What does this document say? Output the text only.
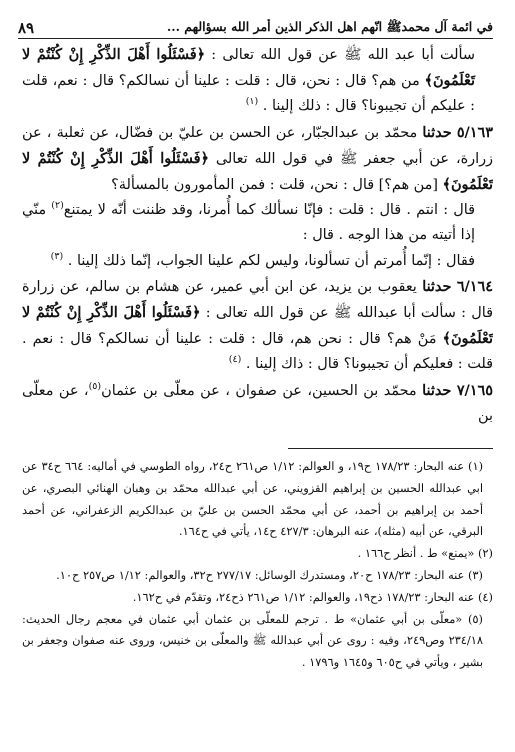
في ائمة آل محمدﷺ انّهم اهل الذكر الذين أمر الله بسؤالهم ...
٨٩

سألت أبا عبد الله ﷺ عن قول الله تعالى : ﴿فَسْئَلُوا أَهْلَ الذِّكْرِ إِنْ كُنْتُمْ لا تَعْلَمُونَ﴾ من هم؟ قال : نحن، قال : قلت : علينا أن نسالكم؟ قال : نعم، قلت : عليكم أن تجيبونا؟ قال : ذلك إلينا . $^{(١)}$

٥/١٦٣ حدثنا محمّد بن عبدالجبّار، عن الحسن بن عليّ بن فضّال، عن ثعلبة ، عن زرارة، عن أبي جعفر ﷺ في قول الله تعالى ﴿فَسْئَلُوا أَهْلَ الذِّكْرِ إِنْ كُنْتُمْ لا تَعْلَمُونَ﴾ [من هم؟] قال : نحن، قلت : فمن المأمورون بالمسألة؟

قال : انتم . قال : قلت : فإنّا نسألك كما أُمرنا، وقد ظننت أنّه لا يمتنع$^{(٢)}$ منّي إذا أتيته من هذا الوجه . قال :

فقال : إنّما أُمرتم أن تسألونا، وليس لكم علينا الجواب، إنّما ذلك إلينا . $^{(٣)}$

٦/١٦٤ حدثنا يعقوب بن يزيد، عن ابن أبي عمير، عن هشام بن سالم، عن زرارة قال : سألت أبا عبدالله ﷺ عن قول الله تعالى : ﴿فَسْئَلُوا أَهْلَ الذِّكْرِ إِنْ كُنْتُمْ لا تَعْلَمُونَ﴾ مَنْ هم؟ قال : نحن هم، قال : قلت : علينا أن نسالكم؟ قال : نعم . قلت : فعليكم أن تجيبونا؟ قال : ذاك إلينا . $^{(٤)}$

٧/١٦٥ حدثنا محمّد بن الحسين، عن صفوان ، عن معلّى بن عثمان$^{(٥)}$، عن معلّى بن

(١) عنه البحار: ١٧٨/٢٣ ح١٩، و العوالم: ١/١٢ ص٢٦١ ح٢٤، رواه الطوسي في أماليه: ٦٦٤ ح٣٤ عن ابي عبدالله الحسين بن إبراهيم القزويني، عن أبي عبدالله محمّد بن وهبان الهنائي البصري، عن أحمد بن إبراهيم بن أحمد، عن أبي محمّد الحسن بن عليّ بن عبدالكريم الزعفراني، عن أحمد البرقي، عن أبيه (مثله)، عنه البرهان: ٤٢٧/٣ ح١٤، يأتي في ح١٦٤.

(٢) «يمنع» ط . أنظر ح١٦٦ .

(٣) عنه البحار: ١٧٨/٢٣ ح٢٠، ومستدرك الوسائل: ٢٧٧/١٧ ح٣٢، والعوالم: ١/١٢ ص٢٥٧ ح١٠.

(٤) عنه البحار: ١٧٨/٢٣ ذح١٩، والعوالم: ١/١٢ ص٢٦١ ذح٢٤، وتقدّم في ح١٦٢.

(٥) «معلّى بن أبي عثمان» ط . ترجم للمعلّى بن عثمان أبي عثمان في معجم رجال الحديث: ٢٣٤/١٨ وص٢٤٩، وفيه : روى عن أبي عبدالله ﷺ والمعلّى بن خنيس، وروى عنه صفوان وجعفر بن بشير ، ويأتي في ح٦٠٥ و١٦٤٥ و١٧٩٦ .
